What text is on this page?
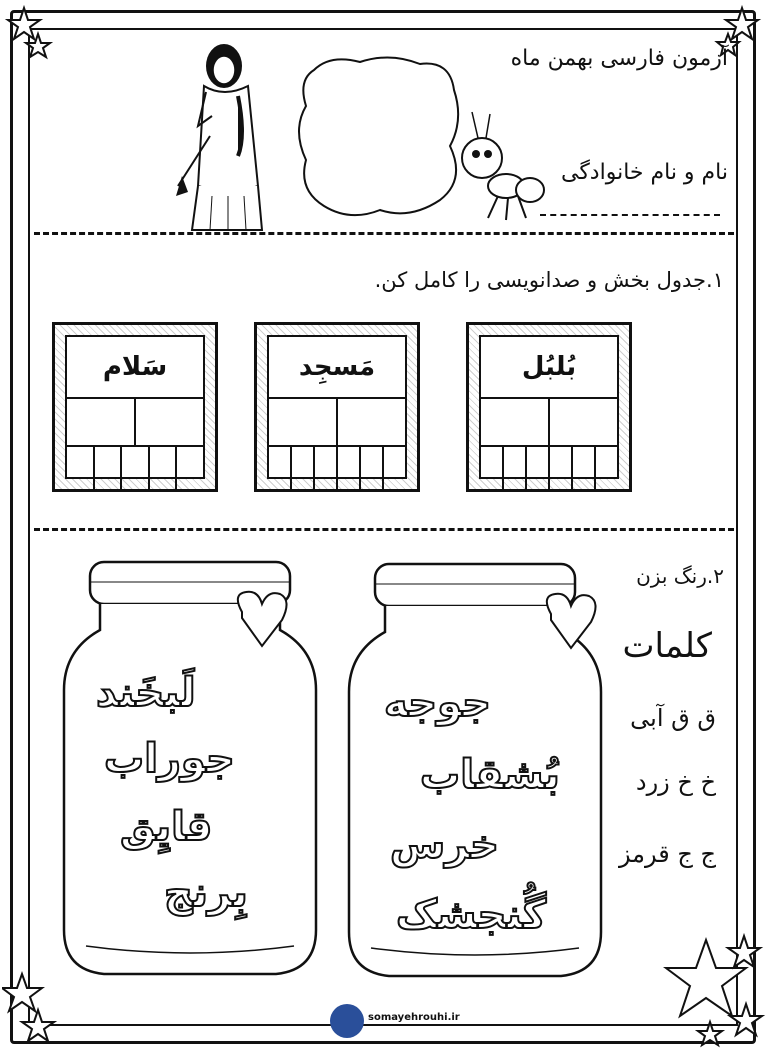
آزمون فارسی بهمن ماه
نام و نام خانوادگی
۱.جدول بخش و صدانویسی را کامل کن.
بُلبُل
مَسجِد
سَلام
۲.رنگ بزن
جوجه
بُشقاب
خرس
گُنجشک
لَبخَند
جوراب
قایِق
بِرنج
کلمات
ق ق آبی
خ خ زرد
ج ج قرمز
somayehrouhi.ir
